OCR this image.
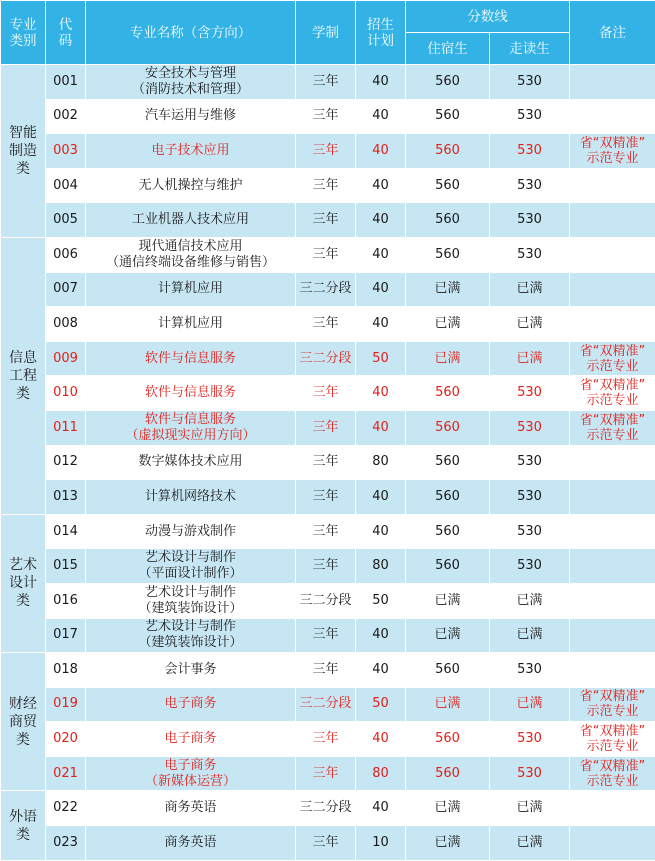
专业
类别	代
码	专业名称（含方向）	学制	招生
计划	分数线		备注
					住宿生	走读生	

智能
制造
类	001	安全技术与管理
（消防技术和管理）	三年	40	560	530	
	002	汽车运用与维修	三年	40	560	530	
	003	电子技术应用	三年	40	560	530	省“双精准”
示范专业

	004	无人机操控与维护	三年	40	560	530	
	005	工业机器人技术应用	三年	40	560	530	

信息
工程
类	006	现代通信技术应用
（通信终端设备维修与销售）	三年	40	560	530	
	007	计算机应用	三二分段	40	已满	已满	
	008	计算机应用	三年	40	已满	已满	
	009	软件与信息服务	三二分段	50	已满	已满	省“双精准”
示范专业

	010	软件与信息服务	三年	40	560	530	省“双精准”
示范专业

	011	软件与信息服务
（虚拟现实应用方向）	三年	40	560	530	省“双精准”
示范专业

	012	数字媒体技术应用	三年	80	560	530	
	013	计算机网络技术	三年	40	560	530	

艺术
设计
类	014	动漫与游戏制作	三年	40	560	530	
	015	艺术设计与制作
（平面设计制作）	三年	80	560	530	
	016	艺术设计与制作
（建筑装饰设计）	三二分段	50	已满	已满	
	017	艺术设计与制作
（建筑装饰设计）	三年	40	已满	已满	

财经
商贸
类	018	会计事务	三年	40	560	530	
	019	电子商务	三二分段	50	已满	已满	省“双精准”
示范专业

	020	电子商务	三年	40	560	530	省“双精准”
示范专业

	021	电子商务
（新媒体运营）	三年	80	560	530	省“双精准”
示范专业

外语
类	022	商务英语	三二分段	40	已满	已满	
	023	商务英语	三年	10	已满	已满	
